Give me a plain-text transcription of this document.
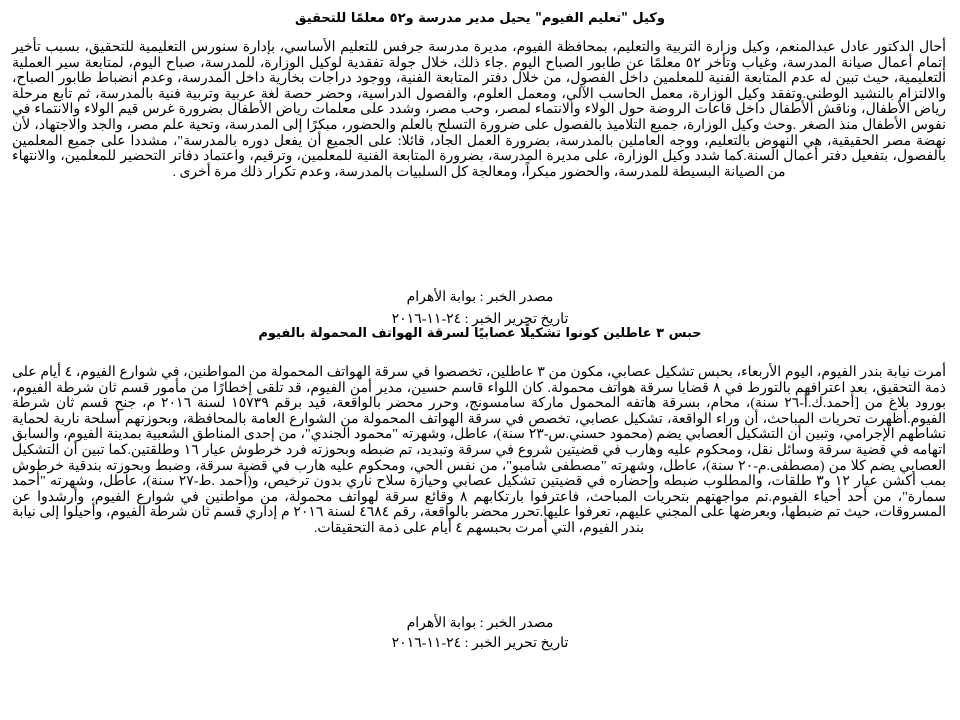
وكيل "تعليم الفيوم" يحيل مدير مدرسة و٥٢ معلمًا للتحقيق

أحال الدكتور عادل عبدالمنعم، وكيل وزارة التربية والتعليم، بمحافظة الفيوم، مديرة مدرسة جرفس للتعليم الأساسي، بإدارة سنورس التعليمية للتحقيق، بسبب تأخير إتمام أعمال صيانة المدرسة، وغياب وتأخر ٥٢ معلمًا عن طابور الصباح اليوم .جاء ذلك، خلال جولة تفقدية لوكيل الوزارة، للمدرسة، صباح اليوم، لمتابعة سير العملية التعليمية، حيث تبين له عدم المتابعة الفنية للمعلمين داخل الفصول، من خلال دفتر المتابعة الفنية، ووجود دراجات بخارية داخل المدرسة، وعدم انضباط طابور الصباح، والالتزام بالنشيد الوطني.وتفقد وكيل الوزارة، معمل الحاسب الآلي، ومعمل العلوم، والفصول الدراسية، وحضر حصة لغة عربية وتربية فنية بالمدرسة، ثم تابع مرحلة رياض الأطفال، وناقش الأطفال داخل قاعات الروضة حول الولاء والانتماء لمصر، وحب مصر، وشدد على معلمات رياض الأطفال بضرورة غرس قيم الولاء والانتماء في نفوس الأطفال منذ الصغر .وحث وكيل الوزارة، جميع التلاميذ بالفصول على ضرورة التسلح بالعلم والحضور، مبكرًا إلى المدرسة، وتحية علم مصر، والجد والاجتهاد، لأن نهضة مصر الحقيقية، هي النهوض بالتعليم، ووجه العاملين بالمدرسة، بضرورة العمل الجاد، قائلا: على الجميع أن يفعل دوره بالمدرسة"، مشددا على جميع المعلمين بالفصول، بتفعيل دفتر أعمال السنة.كما شدد وكيل الوزارة، على مديرة المدرسة، بضرورة المتابعة الفنية للمعلمين، وترقيم، واعتماد دفاتر التحضير للمعلمين، والانتهاء من الصيانة البسيطة للمدرسة، والحضور مبكراً، ومعالجة كل السلبيات بالمدرسة، وعدم تكرار ذلك مرة أخرى .

مصدر الخبر : بوابة الأهرام

تاريخ تحرير الخبر : ٢٤-١١-٢٠١٦

حبس ٣ عاطلين كونوا تشكيلًا عصابيًا لسرقة الهواتف المحمولة بالفيوم

أمرت نيابة بندر الفيوم، اليوم الأربعاء، بحبس تشكيل عصابي، مكون من ٣ عاطلين، تخصصوا في سرقة الهواتف المحمولة من المواطنين، في شوارع الفيوم، ٤ أيام على ذمة التحقيق، بعد اعترافهم بالتورط في ٨ قضايا سرقة هواتف محمولة. كان اللواء قاسم حسين، مدير أمن الفيوم، قد تلقى إخطارًا من مأمور قسم ثان شرطة الفيوم، بورود بلاغ من [أحمد.ك.أ-٢٦ سنة)، محام، بسرقة هاتفه المحمول ماركة سامسونج، وحرر محضر بالواقعة، قيد برقم ١٥٧٣٩ لسنة ٢٠١٦ م، جنح قسم ثان شرطة الفيوم.أظهرت تحريات المباحث، أن وراء الواقعة، تشكيل عصابي، تخصص في سرقة الهواتف المحمولة من الشوارع العامة بالمحافظة، وبحوزتهم أسلحة نارية لحماية نشاطهم الإجرامي، وتبين أن التشكيل العصابي يضم (محمود حسني.س-٢٣ سنة)، عاطل، وشهرته "محمود الجندي"، من إحدى المناطق الشعبية بمدينة الفيوم، والسابق اتهامه في قضية سرقة وسائل نقل، ومحكوم عليه وهارب في قضيتين شروع في سرقة وتبديد، تم ضبطه وبحوزته فرد خرطوش عيار ١٦ وطلقتين.كما تبين أن التشكيل العصابي يضم كلا من (مصطفى.م-٢٠ سنة)، عاطل، وشهرته "مصطفى شامبو"، من نفس الحي، ومحكوم عليه هارب في قضية سرقة، وضبط وبحوزته بندقية خرطوش بمب أكشن عيار ١٢ و٣ طلقات، والمطلوب ضبطه وإحضاره في قضيتين تشكيل عصابي وحيازة سلاح ناري بدون ترخيص، و(أحمد .ط-٢٧ سنة)، عاطل، وشهرته "أحمد سمارة"، من أحد أحياء الفيوم.تم مواجهتهم بتحريات المباحث، فاعترفوا بارتكابهم ٨ وقائع سرقة لهواتف محمولة، من مواطنين في شوارع الفيوم، وأرشدوا عن المسروقات، حيث تم ضبطها، وبعرضها على المجني عليهم، تعرفوا عليها.تحرر محضر بالواقعة، رقم ٤٦٨٤ لسنة ٢٠١٦ م إداري قسم ثان شرطة الفيوم، وأحيلوا إلى نيابة بندر الفيوم، التي أمرت بحبسهم ٤ أيام على ذمة التحقيقات.

مصدر الخبر : بوابة الأهرام

تاريخ تحرير الخبر : ٢٤-١١-٢٠١٦
